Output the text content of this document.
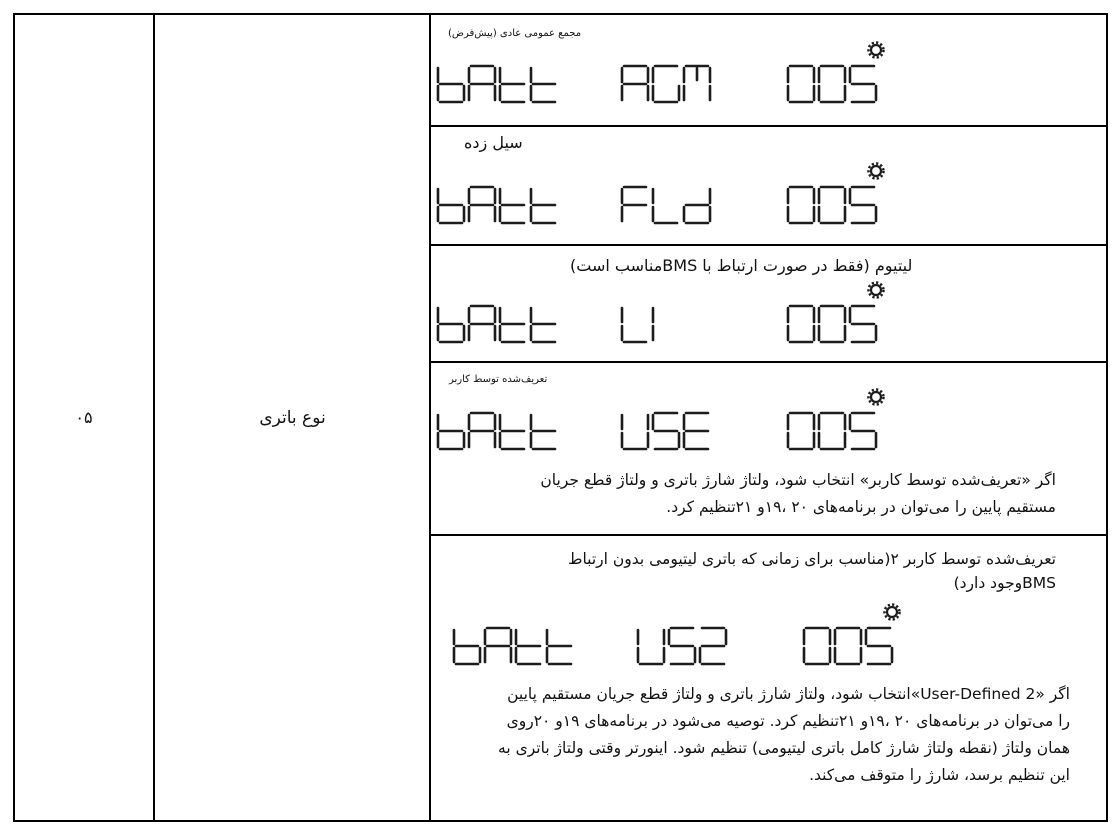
۰۵	نوع باتری
مجمع عمومی عادی (پیش‌فرض)
سیل زده
لیتیوم (فقط در صورت ارتباط با BMSمناسب است)
تعریف‌شده توسط کاربر
اگر «تعریف‌شده توسط کاربر» انتخاب شود، ولتاژ شارژ باتری و ولتاژ قطع جریان
مستقیم پایین را می‌توان در برنامه‌های ۲۰ ،۱۹و ۲۱تنظیم کرد.
تعریف‌شده توسط کاربر ۲(مناسب برای زمانی که باتری لیتیومی بدون ارتباط
BMSوجود دارد)
اگر «User-Defined 2»انتخاب شود، ولتاژ شارژ باتری و ولتاژ قطع جریان مستقیم پایین
را می‌توان در برنامه‌های ۲۰ ،۱۹و ۲۱تنظیم کرد. توصیه می‌شود در برنامه‌های ۱۹و ۲۰روی
همان ولتاژ (نقطه ولتاژ شارژ کامل باتری لیتیومی) تنظیم شود. اینورتر وقتی ولتاژ باتری به
این تنظیم برسد، شارژ را متوقف می‌کند.
